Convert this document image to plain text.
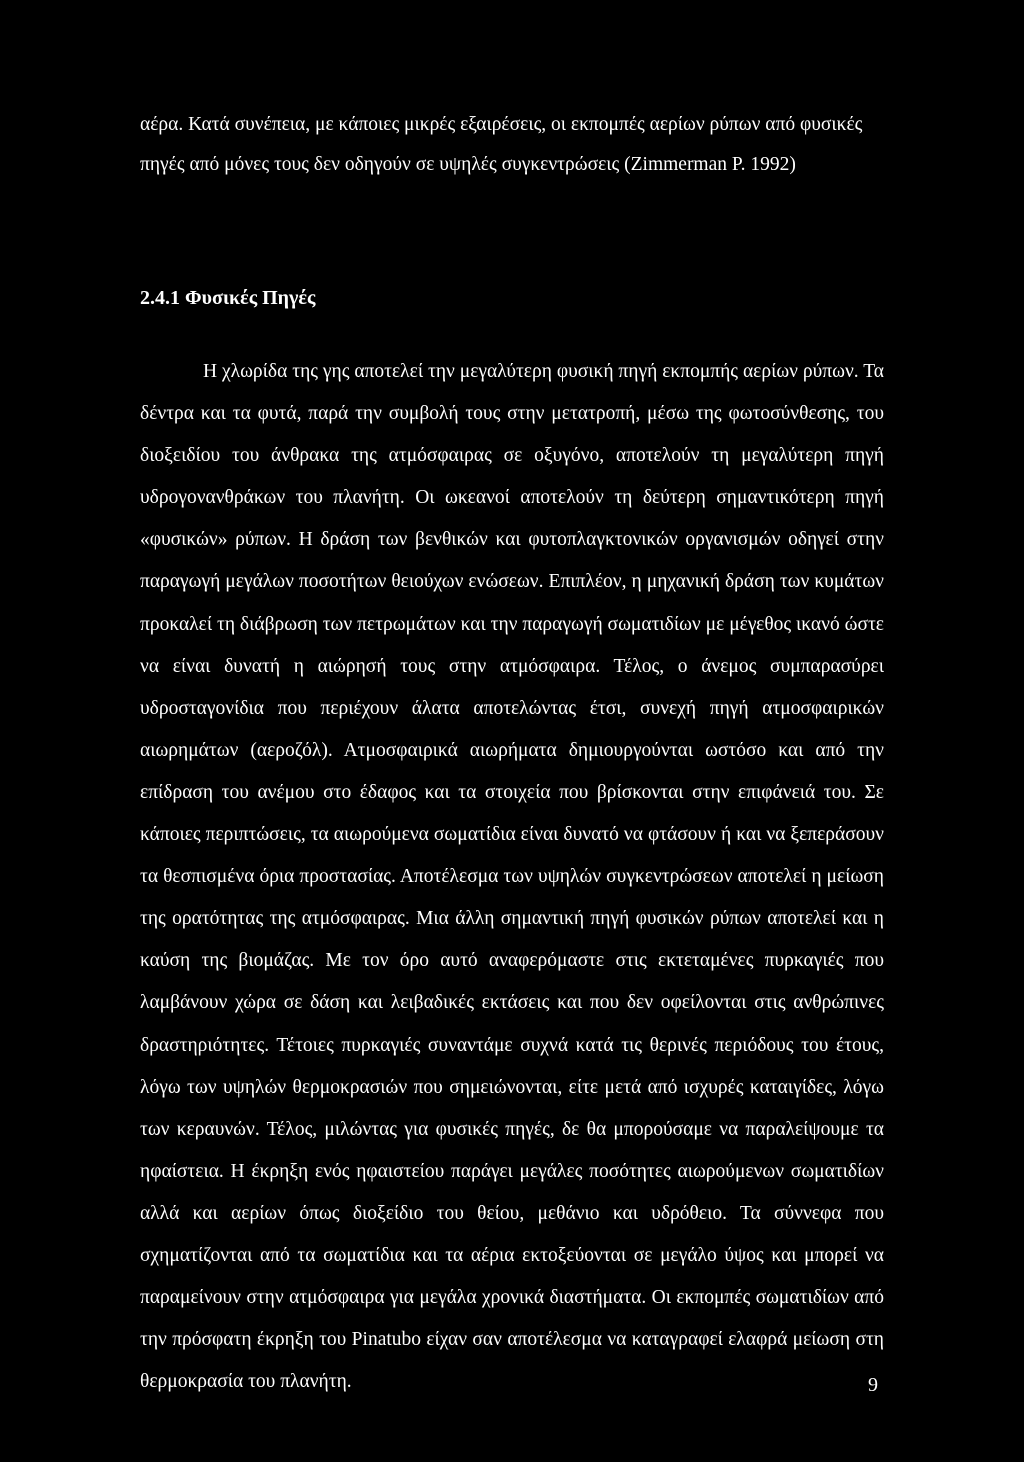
αέρα. Κατά συνέπεια, με κάποιες μικρές εξαιρέσεις, οι εκπομπές αερίων ρύπων από φυσικές πηγές από μόνες τους δεν οδηγούν σε υψηλές συγκεντρώσεις (Zimmerman P. 1992)

2.4.1 Φυσικές Πηγές

Η χλωρίδα της γης αποτελεί την μεγαλύτερη φυσική πηγή εκπομπής αερίων ρύπων. Τα δέντρα και τα φυτά, παρά την συμβολή τους στην μετατροπή, μέσω της φωτοσύνθεσης, του διοξειδίου του άνθρακα της ατμόσφαιρας σε οξυγόνο, αποτελούν τη μεγαλύτερη πηγή υδρογονανθράκων του πλανήτη. Οι ωκεανοί αποτελούν τη δεύτερη σημαντικότερη πηγή «φυσικών» ρύπων. Η δράση των βενθικών και φυτοπλαγκτονικών οργανισμών οδηγεί στην παραγωγή μεγάλων ποσοτήτων θειούχων ενώσεων. Επιπλέον, η μηχανική δράση των κυμάτων προκαλεί τη διάβρωση των πετρωμάτων και την παραγωγή σωματιδίων με μέγεθος ικανό ώστε να είναι δυνατή η αιώρησή τους στην ατμόσφαιρα. Τέλος, ο άνεμος συμπαρασύρει υδροσταγονίδια που περιέχουν άλατα αποτελώντας έτσι, συνεχή πηγή ατμοσφαιρικών αιωρημάτων (αεροζόλ). Ατμοσφαιρικά αιωρήματα δημιουργούνται ωστόσο και από την επίδραση του ανέμου στο έδαφος και τα στοιχεία που βρίσκονται στην επιφάνειά του. Σε κάποιες περιπτώσεις, τα αιωρούμενα σωματίδια είναι δυνατό να φτάσουν ή και να ξεπεράσουν τα θεσπισμένα όρια προστασίας. Αποτέλεσμα των υψηλών συγκεντρώσεων αποτελεί η μείωση της ορατότητας της ατμόσφαιρας. Μια άλλη σημαντική πηγή φυσικών ρύπων αποτελεί και η καύση της βιομάζας. Με τον όρο αυτό αναφερόμαστε στις εκτεταμένες πυρκαγιές που λαμβάνουν χώρα σε δάση και λειβαδικές εκτάσεις και που δεν οφείλονται στις ανθρώπινες δραστηριότητες. Τέτοιες πυρκαγιές συναντάμε συχνά κατά τις θερινές περιόδους του έτους, λόγω των υψηλών θερμοκρασιών που σημειώνονται, είτε μετά από ισχυρές καταιγίδες, λόγω των κεραυνών. Τέλος, μιλώντας για φυσικές πηγές, δε θα μπορούσαμε να παραλείψουμε τα ηφαίστεια. Η έκρηξη ενός ηφαιστείου παράγει μεγάλες ποσότητες αιωρούμενων σωματιδίων αλλά και αερίων όπως διοξείδιο του θείου, μεθάνιο και υδρόθειο. Τα σύννεφα που σχηματίζονται από τα σωματίδια και τα αέρια εκτοξεύονται σε μεγάλο ύψος και μπορεί να παραμείνουν στην ατμόσφαιρα για μεγάλα χρονικά διαστήματα. Οι εκπομπές σωματιδίων από την πρόσφατη έκρηξη του Pinatubo είχαν σαν αποτέλεσμα να καταγραφεί ελαφρά μείωση στη θερμοκρασία του πλανήτη.	9
